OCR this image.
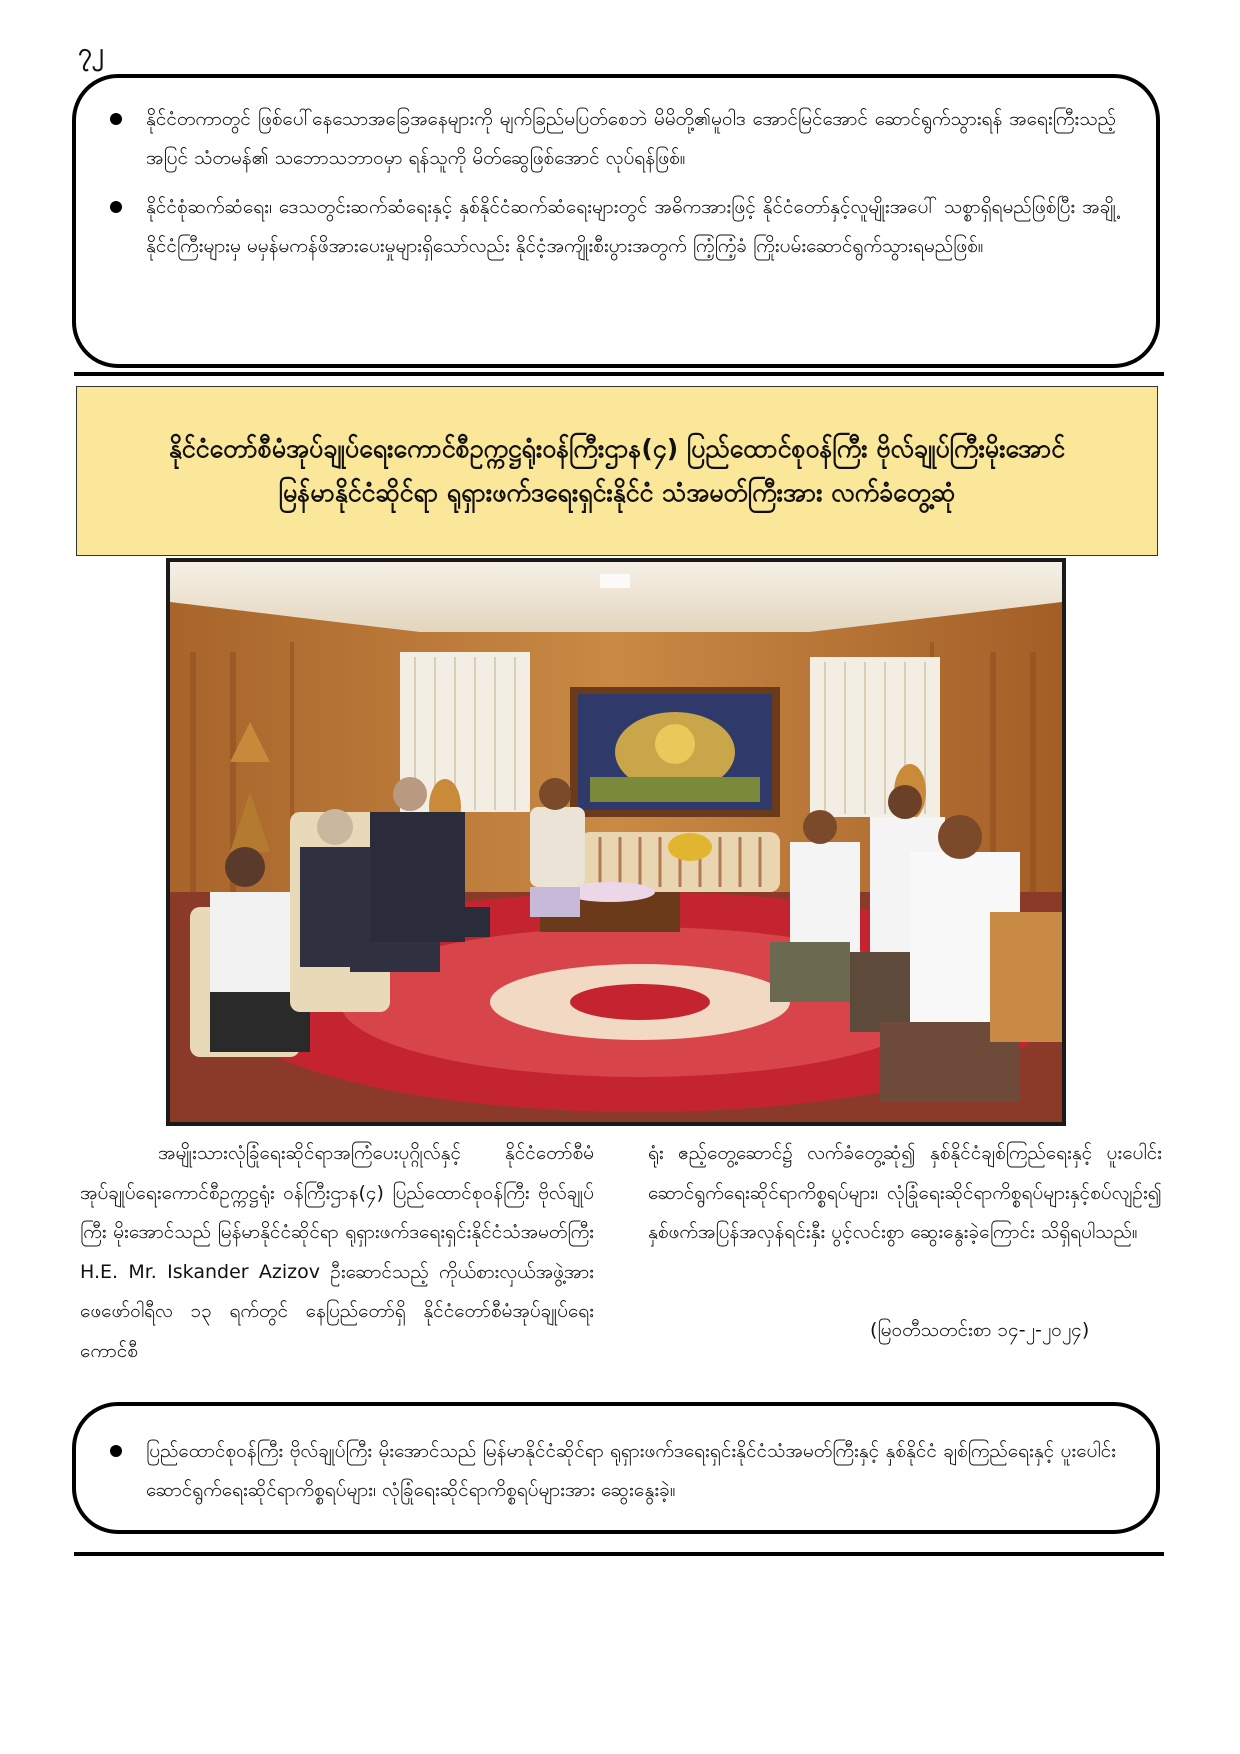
၇၂
နိုင်ငံတကာတွင် ဖြစ်ပေါ်နေသောအခြေအနေများကို မျက်ခြည်မပြတ်စေဘဲ မိမိတို့၏မူဝါဒ အောင်မြင်အောင် ဆောင်ရွက်သွားရန် အရေးကြီးသည့်အပြင် သံတမန်၏ သဘောသဘာဝမှာ ရန်သူကို မိတ်ဆွေဖြစ်အောင် လုပ်ရန်ဖြစ်။
နိုင်ငံစုံဆက်ဆံရေး၊ ဒေသတွင်းဆက်ဆံရေးနှင့် နှစ်နိုင်ငံဆက်ဆံရေးများတွင် အဓိကအားဖြင့် နိုင်ငံတော်နှင့်လူမျိုးအပေါ် သစ္စာရှိရမည်ဖြစ်ပြီး အချို့နိုင်ငံကြီးများမှ မမှန်မကန်ဖိအားပေးမှုများရှိသော်လည်း နိုင်ငံ့အကျိုးစီးပွားအတွက် ကြံ့ကြံ့ခံ ကြိုးပမ်းဆောင်ရွက်သွားရမည်ဖြစ်။
နိုင်ငံတော်စီမံအုပ်ချုပ်ရေးကောင်စီဥက္ကဋ္ဌရုံးဝန်ကြီးဌာန(၄) ပြည်ထောင်စုဝန်ကြီး ဗိုလ်ချုပ်ကြီးမိုးအောင် မြန်မာနိုင်ငံဆိုင်ရာ ရုရှားဖက်ဒရေးရှင်းနိုင်ငံ သံအမတ်ကြီးအား လက်ခံတွေ့ဆုံ
အမျိုးသားလုံခြုံရေးဆိုင်ရာအကြံပေးပုဂ္ဂိုလ်နှင့် နိုင်ငံတော်စီမံအုပ်ချုပ်ရေးကောင်စီဥက္ကဋ္ဌရုံး ဝန်ကြီးဌာန(၄) ပြည်ထောင်စုဝန်ကြီး ဗိုလ်ချုပ်ကြီး မိုးအောင်သည် မြန်မာနိုင်ငံဆိုင်ရာ ရုရှားဖက်ဒရေးရှင်းနိုင်ငံသံအမတ်ကြီး H.E. Mr. Iskander Azizov ဦးဆောင်သည့် ကိုယ်စားလှယ်အဖွဲ့အား ဖေဖော်ဝါရီလ ၁၃ ရက်တွင် နေပြည်တော်ရှိ နိုင်ငံတော်စီမံအုပ်ချုပ်ရေးကောင်စီ
ရုံး ဧည့်တွေ့ဆောင်၌ လက်ခံတွေ့ဆုံ၍ နှစ်နိုင်ငံချစ်ကြည်ရေးနှင့် ပူးပေါင်းဆောင်ရွက်ရေးဆိုင်ရာကိစ္စရပ်များ၊ လုံခြုံရေးဆိုင်ရာကိစ္စရပ်များနှင့်စပ်လျဉ်း၍ နှစ်ဖက်အပြန်အလှန်ရင်းနှီး ပွင့်လင်းစွာ ဆွေးနွေးခဲ့ကြောင်း သိရှိရပါသည်။
(မြဝတီသတင်းစာ ၁၄-၂-၂၀၂၄)
ပြည်ထောင်စုဝန်ကြီး ဗိုလ်ချုပ်ကြီး မိုးအောင်သည် မြန်မာနိုင်ငံဆိုင်ရာ ရုရှားဖက်ဒရေးရှင်းနိုင်ငံသံအမတ်ကြီးနှင့် နှစ်နိုင်ငံ ချစ်ကြည်ရေးနှင့် ပူးပေါင်းဆောင်ရွက်ရေးဆိုင်ရာကိစ္စရပ်များ၊ လုံခြုံရေးဆိုင်ရာကိစ္စရပ်များအား ဆွေးနွေးခဲ့။
